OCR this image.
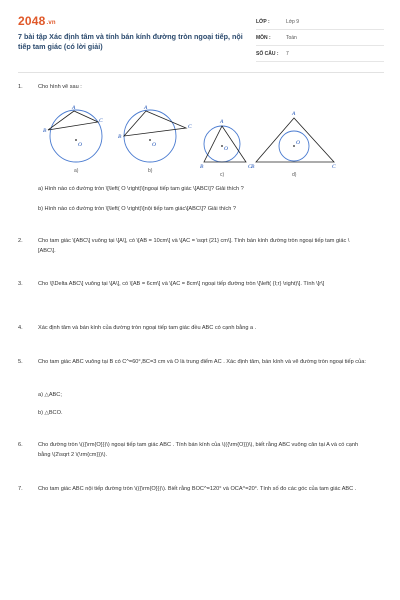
2048.vn
7 bài tập Xác định tâm và tính bán kính đường tròn ngoại tiếp, nội tiếp tam giác (có lời giải)
LỚP :	Lớp 9
MÔN :	Toán
SỐ CÂU : 7
1.	Cho hình vẽ sau :
A
B
C
O
a)
A
B
C
O
b)
A
B	C
O
c)
A
B	C
O
d)
a) Hình nào có đường tròn \[\left( O \right)\]ngoại tiếp tam giác \[ABC\]? Giải thích ?
b) Hình nào có đường tròn \[\left( O \right)\]nội tiếp tam giác\[ABC\]? Giải thích ?
2.	Cho tam giác \[ABC\] vuông tại \[A\], có \[AB = 10cm\] và \[AC = \sqrt {21} cm\]. Tính bán kính đường tròn ngoại tiếp tam giác \[ABC\].
3.	Cho \[\Delta ABC\] vuông tại \[A\], có \[AB = 6cm\] và \[AC = 8cm\] ngoại tiếp đường tròn \[\left( {I;r} \right)\]. Tính \[r\]
4.	Xác định tâm và bán kính của đường tròn ngoại tiếp tam giác đều ABC có cạnh bằng a .
5.	Cho tam giác ABC vuông tại B có C^=60°,BC=3 cm và O là trung điểm AC . Xác định tâm, bán kính và vẽ đường tròn ngoại tiếp của:
a) △ABC;
b) △BCO.
6.	Cho đường tròn \(({\rm{O}})\) ngoại tiếp tam giác ABC . Tính bán kính của \(({\rm{O}})\), biết rằng ABC vuông cân tại A và có cạnh bằng \(2\sqrt 2 \(\rm{cm}})\).
7.	Cho tam giác ABC nội tiếp đường tròn \(({\rm{O}})\). Biết rằng BOC^=120° và OCA^=20°. Tính số đo các góc của tam giác ABC .
